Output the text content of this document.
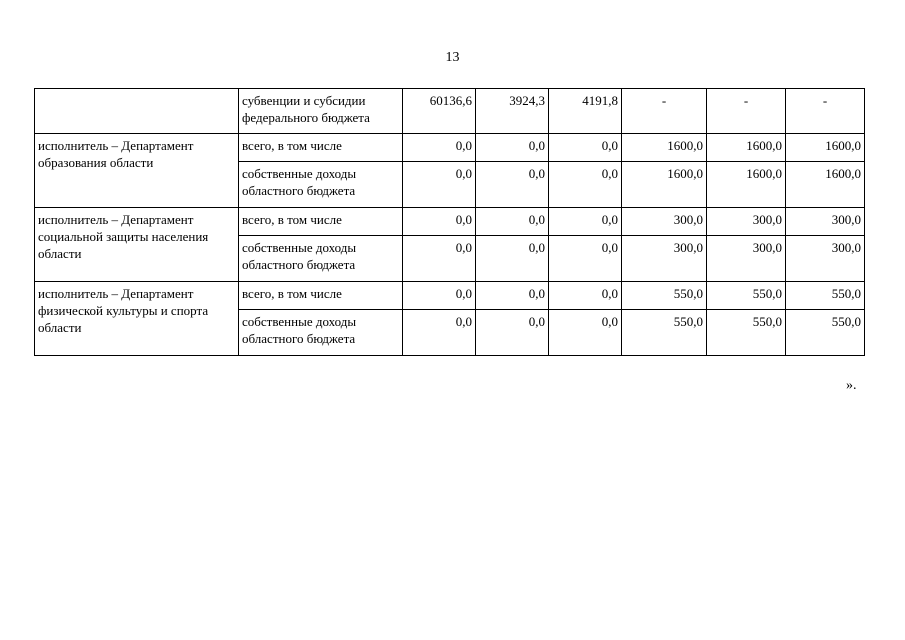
13
	субвенции и субсидии федерального бюджета	60136,6	3924,3	4191,8	-	-	-
исполнитель – Департамент образования области	всего, в том числе	0,0	0,0	0,0	1600,0	1600,0	1600,0
	собственные доходы областного бюджета	0,0	0,0	0,0	1600,0	1600,0	1600,0
исполнитель – Департамент социальной защиты населения области	всего, в том числе	0,0	0,0	0,0	300,0	300,0	300,0
	собственные доходы областного бюджета	0,0	0,0	0,0	300,0	300,0	300,0
исполнитель – Департамент физической культуры и спорта области	всего, в том числе	0,0	0,0	0,0	550,0	550,0	550,0
	собственные доходы областного бюджета	0,0	0,0	0,0	550,0	550,0	550,0
».
